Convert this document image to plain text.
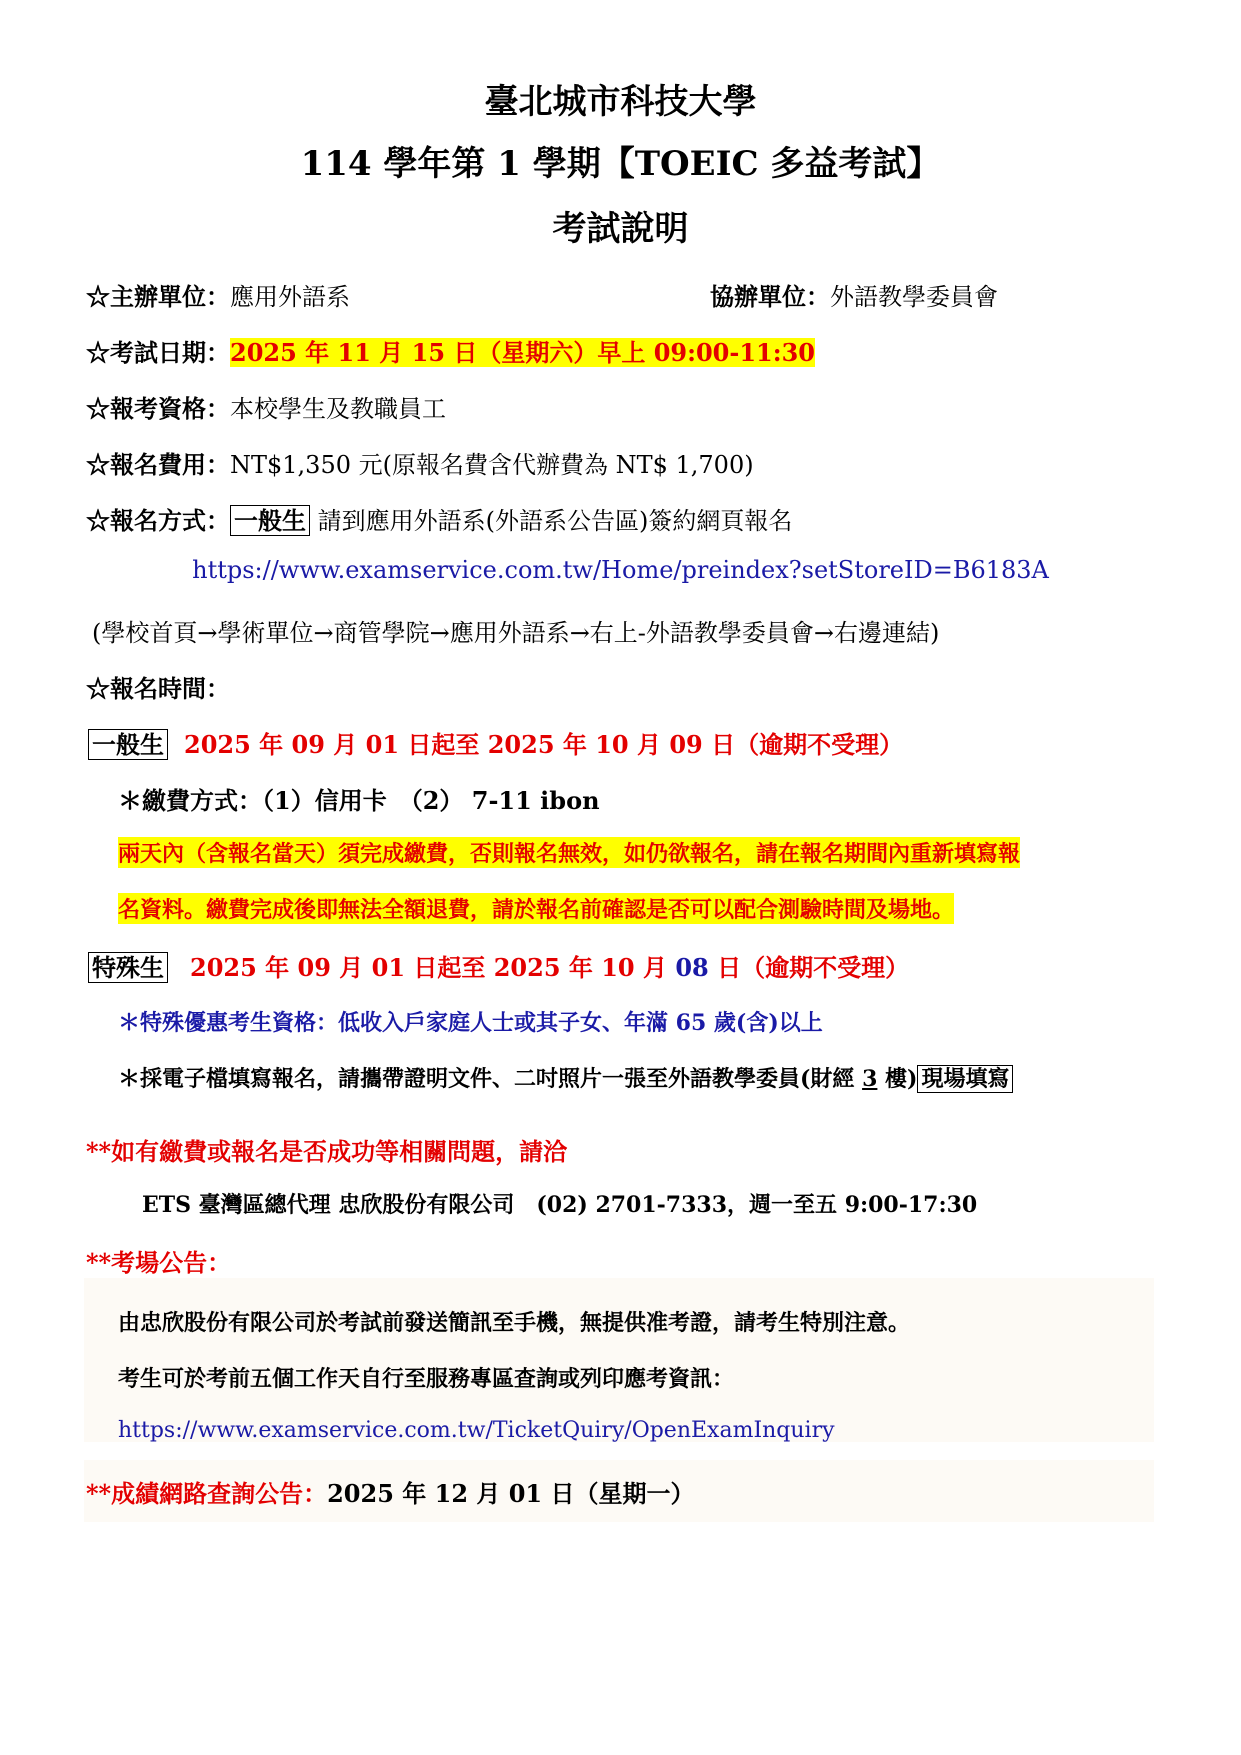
臺北城市科技大學
114 學年第 1 學期【TOEIC 多益考試】
考試說明
☆主辦單位：應用外語系	協辦單位：外語教學委員會
☆考試日期：2025 年 11 月 15 日（星期六）早上 09:00-11:30
☆報考資格：本校學生及教職員工
☆報名費用：NT$1,350 元(原報名費含代辦費為 NT$ 1,700)
☆報名方式： 一般生 請到應用外語系(外語系公告區)簽約網頁報名
https://www.examservice.com.tw/Home/preindex?setStoreID=B6183A
(學校首頁→學術單位→商管學院→應用外語系→右上-外語教學委員會→右邊連結)
☆報名時間：
一般生 2025 年 09 月 01 日起至 2025 年 10 月 09 日（逾期不受理）
＊繳費方式：（1）信用卡　（2） 7-11 ibon
兩天內（含報名當天）須完成繳費，否則報名無效，如仍欲報名，請在報名期間內重新填寫報
名資料。繳費完成後即無法全額退費，請於報名前確認是否可以配合測驗時間及場地。
特殊生 2025 年 09 月 01 日起至 2025 年 10 月 08 日（逾期不受理）
＊特殊優惠考生資格：低收入戶家庭人士或其子女、年滿 65 歲(含)以上
＊採電子檔填寫報名，請攜帶證明文件、二吋照片一張至外語教學委員(財經 3 樓) 現場填寫
**如有繳費或報名是否成功等相關問題，請洽
ETS 臺灣區總代理 忠欣股份有限公司　(02) 2701-7333，週一至五 9:00-17:30
**考場公告：
由忠欣股份有限公司於考試前發送簡訊至手機，無提供准考證，請考生特別注意。
考生可於考前五個工作天自行至服務專區查詢或列印應考資訊：
https://www.examservice.com.tw/TicketQuiry/OpenExamInquiry
**成績網路查詢公告：2025 年 12 月 01 日（星期一）
